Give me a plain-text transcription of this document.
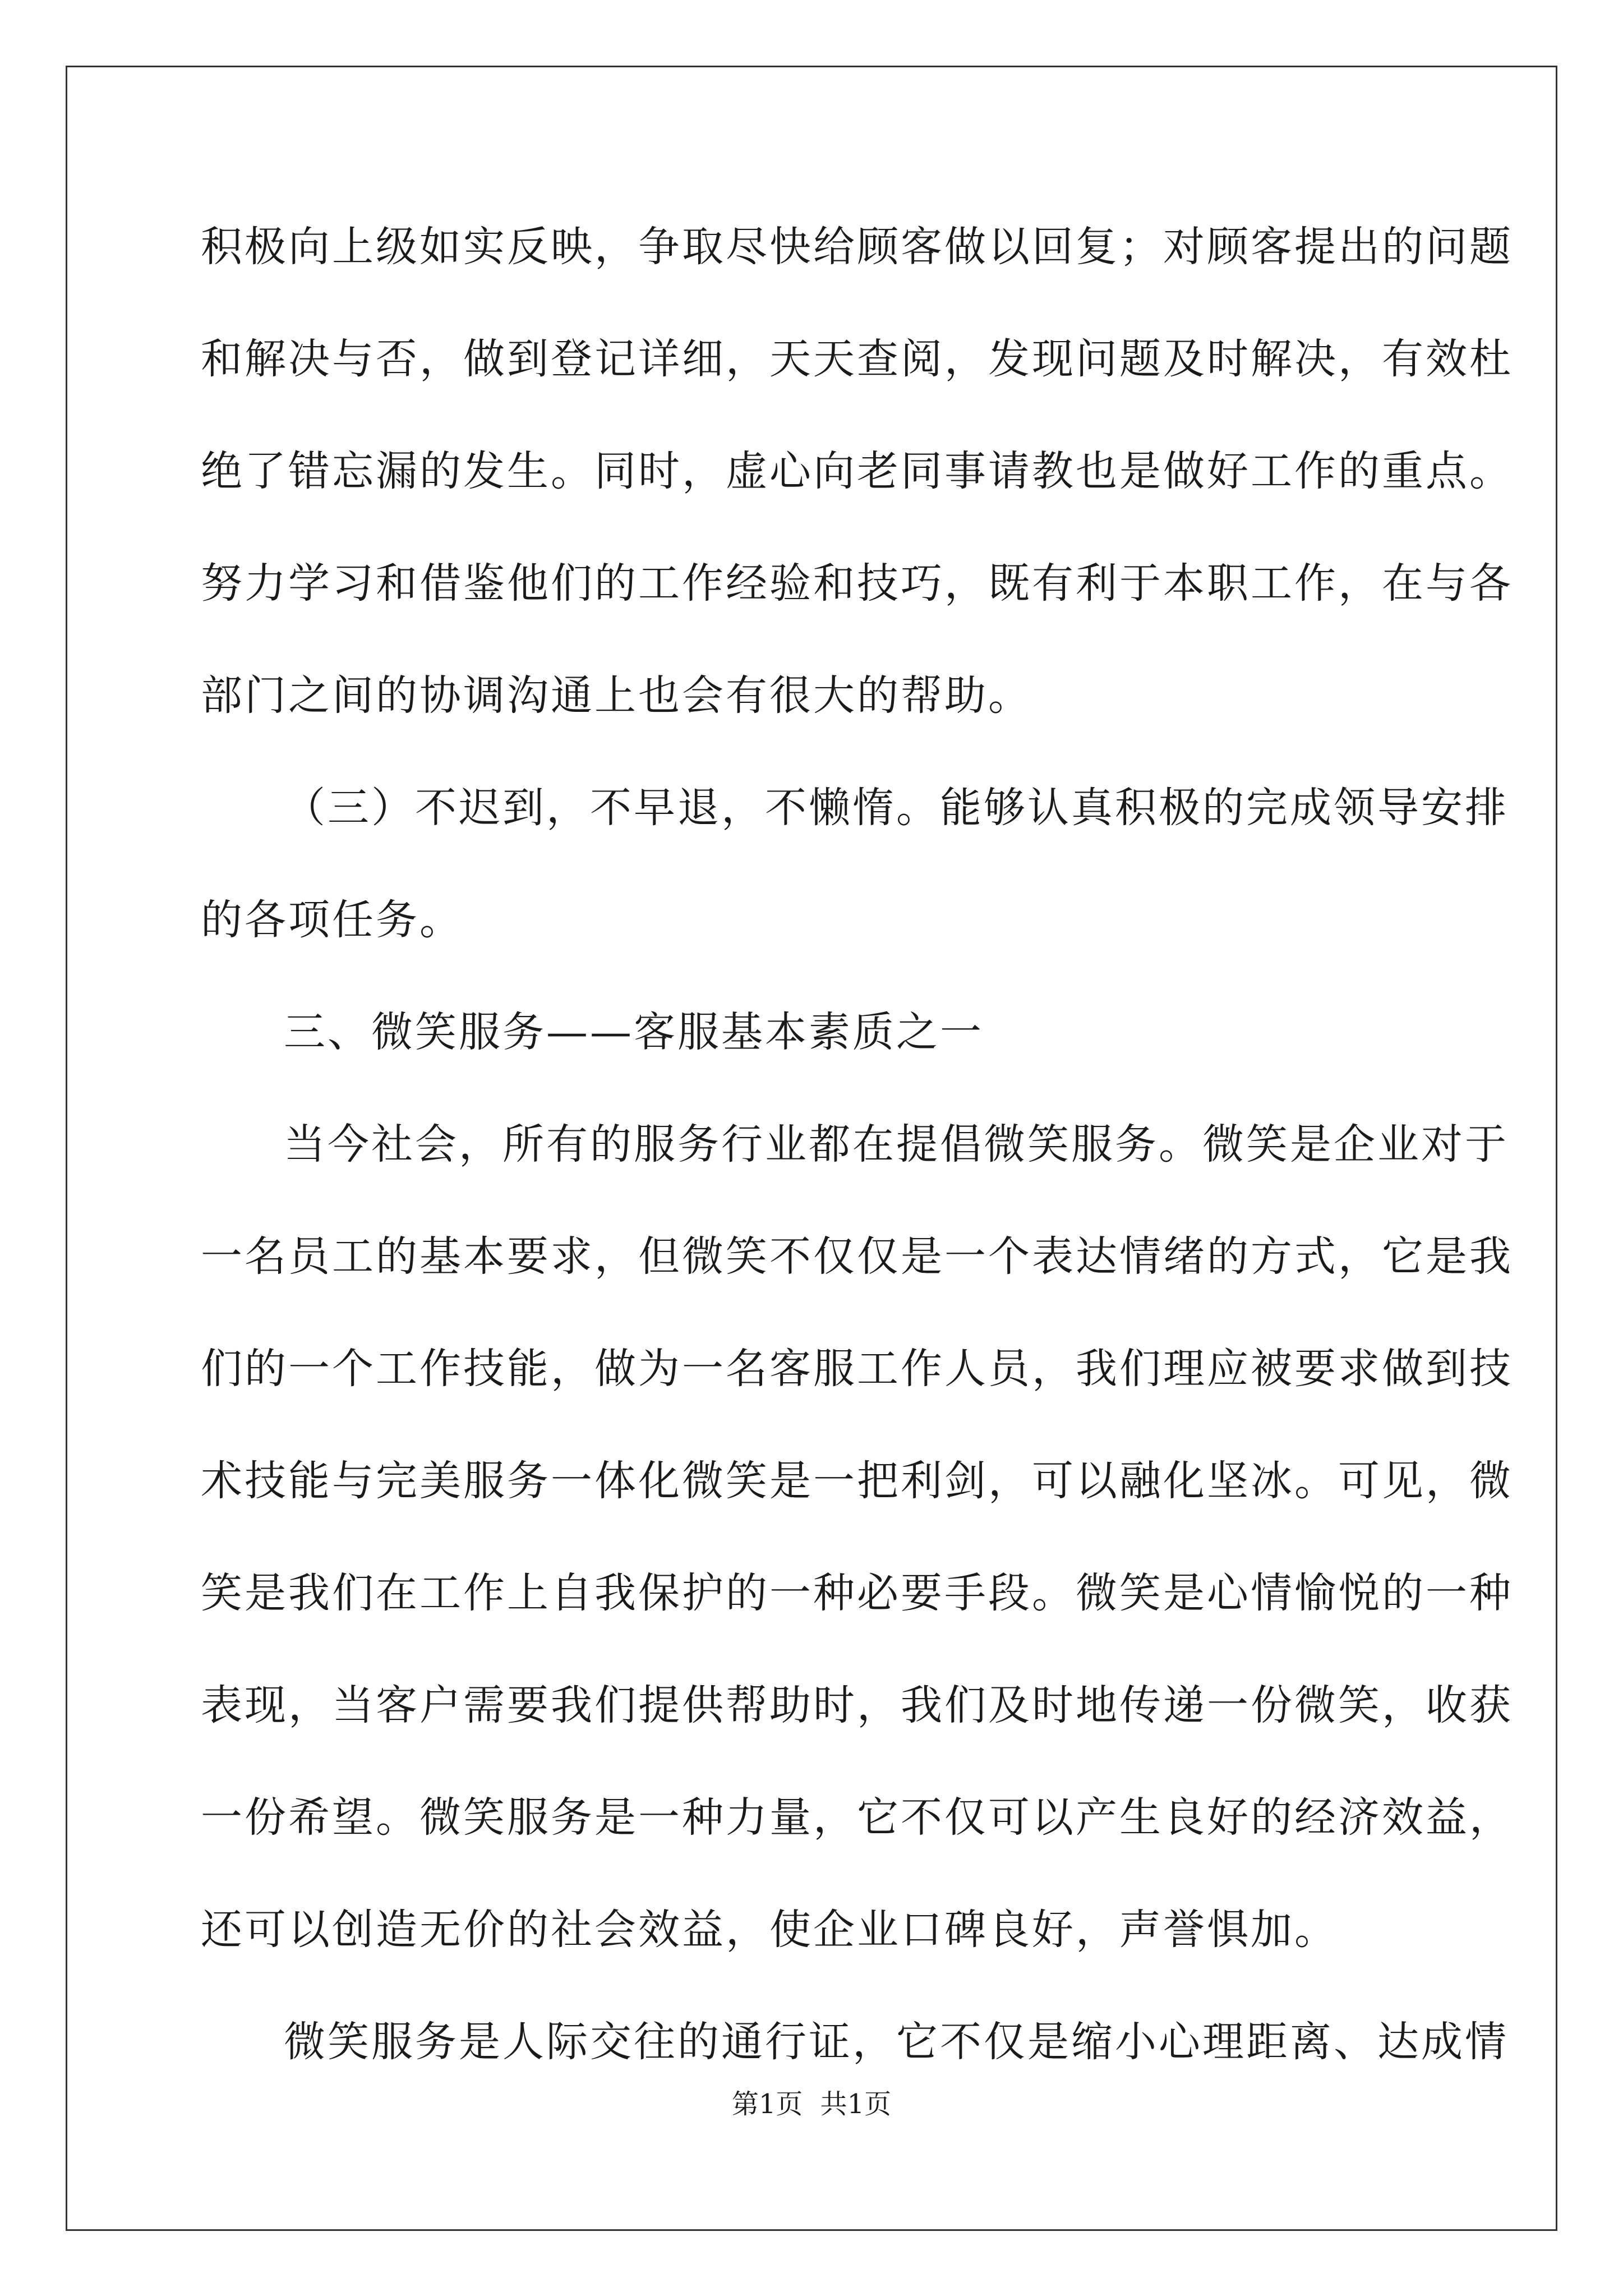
积极向上级如实反映，争取尽快给顾客做以回复；对顾客提出的问题
和解决与否，做到登记详细，天天查阅，发现问题及时解决，有效杜
绝了错忘漏的发生。同时，虚心向老同事请教也是做好工作的重点。
努力学习和借鉴他们的工作经验和技巧，既有利于本职工作，在与各
部门之间的协调沟通上也会有很大的帮助。
（三）不迟到，不早退，不懒惰。能够认真积极的完成领导安排
的各项任务。
三、微笑服务——客服基本素质之一
当今社会，所有的服务行业都在提倡微笑服务。微笑是企业对于
一名员工的基本要求，但微笑不仅仅是一个表达情绪的方式，它是我
们的一个工作技能，做为一名客服工作人员，我们理应被要求做到技
术技能与完美服务一体化微笑是一把利剑，可以融化坚冰。可见，微
笑是我们在工作上自我保护的一种必要手段。微笑是心情愉悦的一种
表现，当客户需要我们提供帮助时，我们及时地传递一份微笑，收获
一份希望。微笑服务是一种力量，它不仅可以产生良好的经济效益，
还可以创造无价的社会效益，使企业口碑良好，声誉惧加。
微笑服务是人际交往的通行证，它不仅是缩小心理距离、达成情
第1页 共1页
